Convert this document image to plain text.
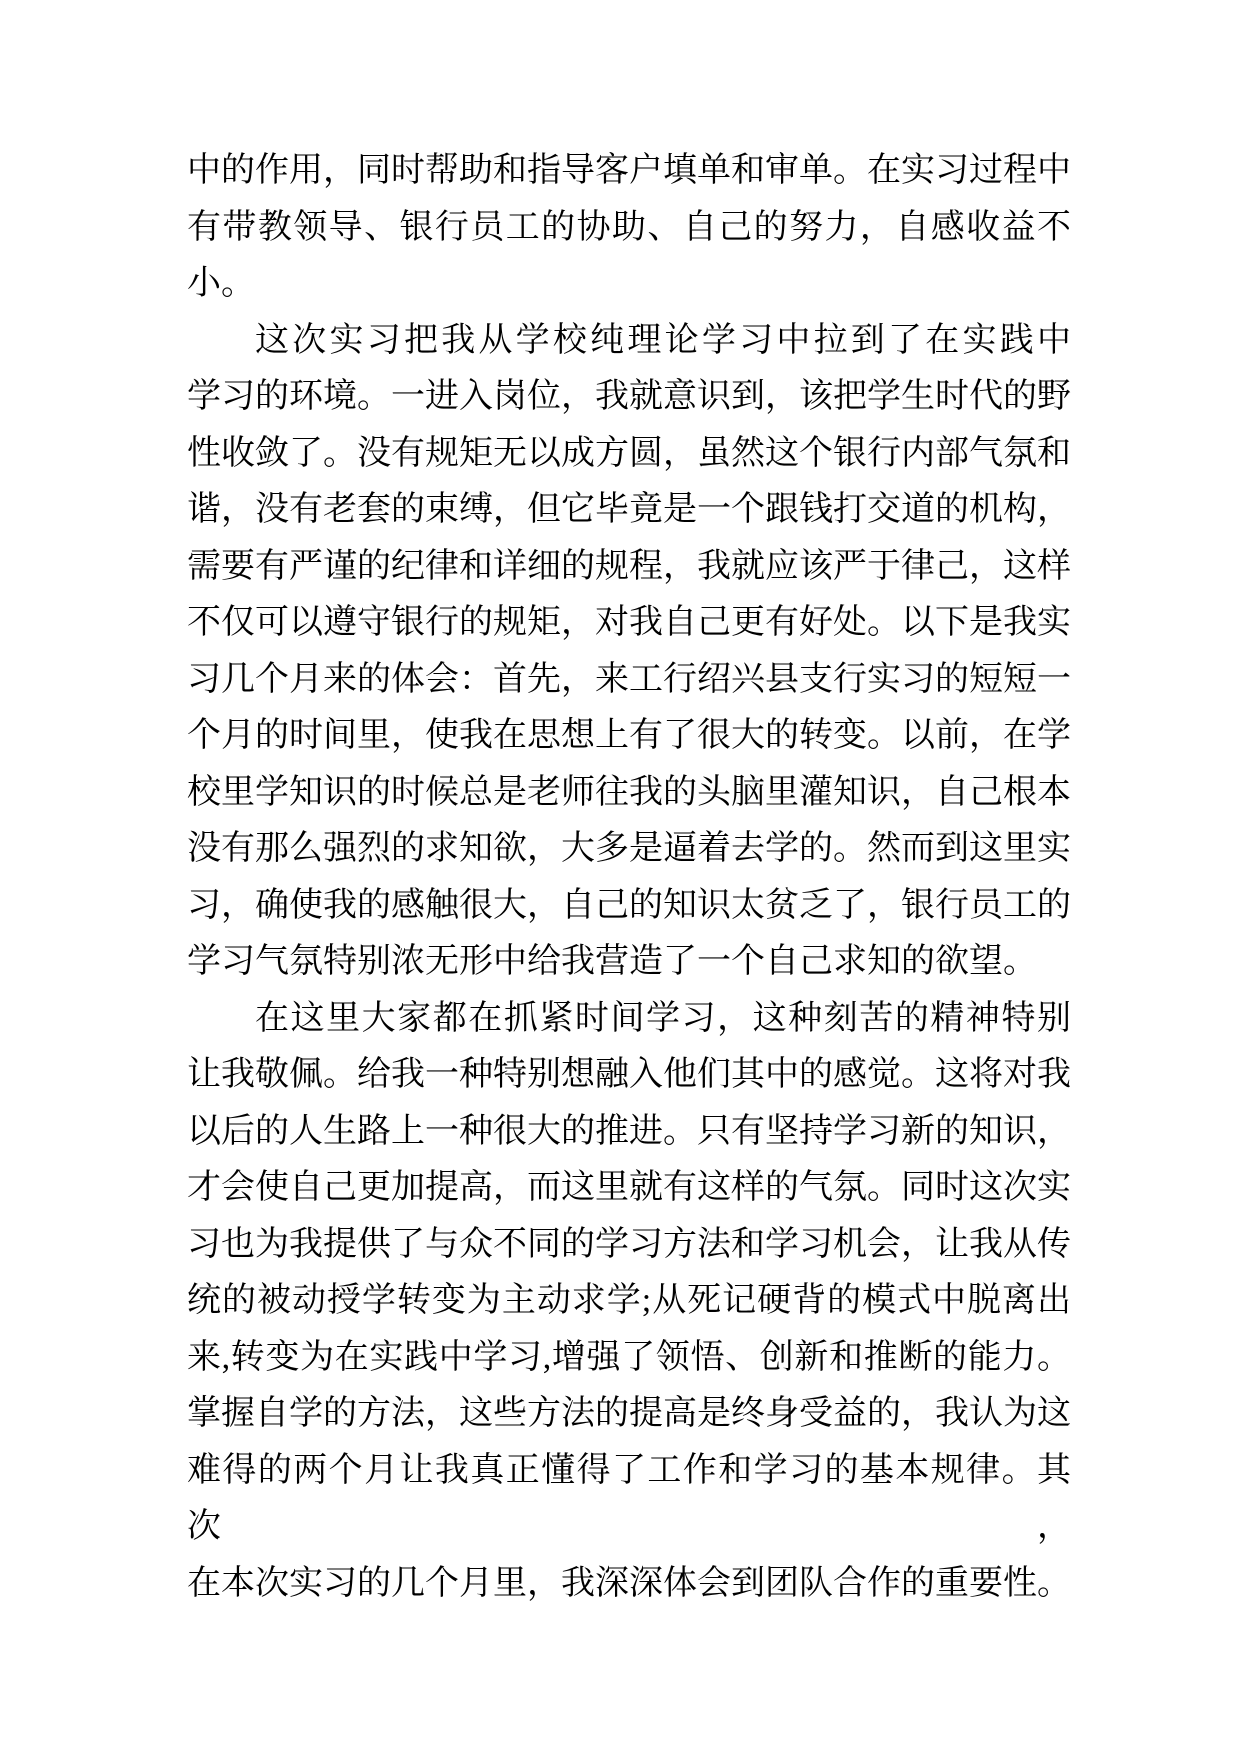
中的作用，同时帮助和指导客户填单和审单。在实习过程中
有带教领导、银行员工的协助、自己的努力，自感收益不小。
这次实习把我从学校纯理论学习中拉到了在实践中
学习的环境。一进入岗位，我就意识到，该把学生时代的野
性收敛了。没有规矩无以成方圆，虽然这个银行内部气氛和
谐，没有老套的束缚，但它毕竟是一个跟钱打交道的机构，
需要有严谨的纪律和详细的规程，我就应该严于律己，这样
不仅可以遵守银行的规矩，对我自己更有好处。以下是我实
习几个月来的体会：首先，来工行绍兴县支行实习的短短一
个月的时间里，使我在思想上有了很大的转变。以前，在学
校里学知识的时候总是老师往我的头脑里灌知识，自己根本
没有那么强烈的求知欲，大多是逼着去学的。然而到这里实
习，确使我的感触很大，自己的知识太贫乏了，银行员工的
学习气氛特别浓无形中给我营造了一个自己求知的欲望。
在这里大家都在抓紧时间学习，这种刻苦的精神特别
让我敬佩。给我一种特别想融入他们其中的感觉。这将对我
以后的人生路上一种很大的推进。只有坚持学习新的知识，
才会使自己更加提高，而这里就有这样的气氛。同时这次实
习也为我提供了与众不同的学习方法和学习机会，让我从传
统的被动授学转变为主动求学;从死记硬背的模式中脱离出
来,转变为在实践中学习,增强了领悟、创新和推断的能力。
掌握自学的方法，这些方法的提高是终身受益的，我认为这
难得的两个月让我真正懂得了工作和学习的基本规律。其次，
在本次实习的几个月里，我深深体会到团队合作的重要性。
